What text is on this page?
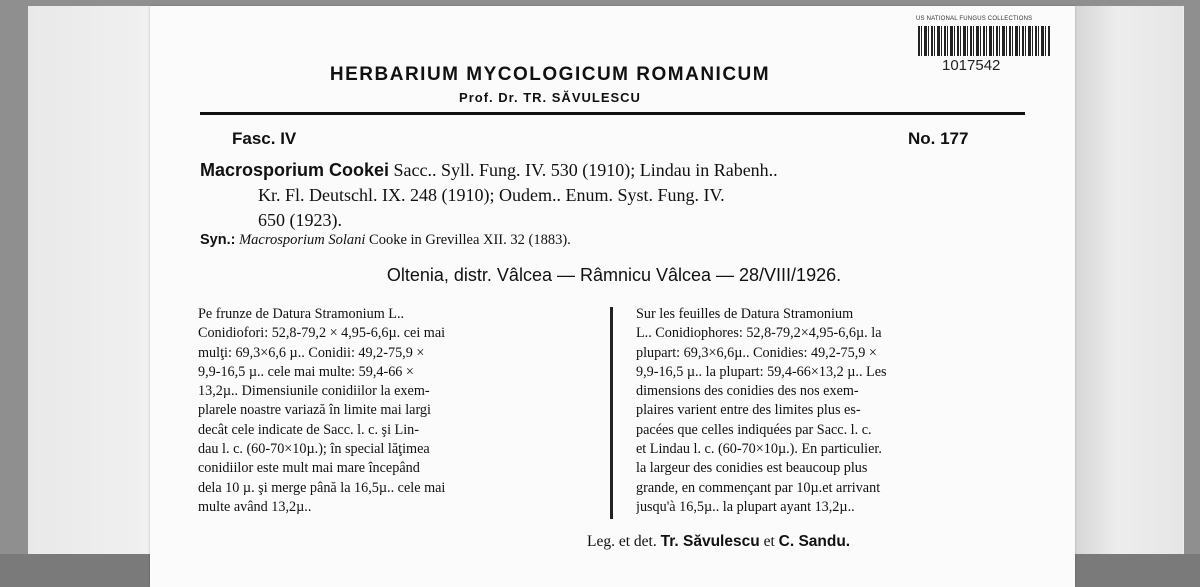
US NATIONAL FUNGUS COLLECTIONS
1017542
HERBARIUM MYCOLOGICUM ROMANICUM
Prof. Dr. TR. SĂVULESCU
Fasc. IV	No. 177
Macrosporium Cookei Sacc.. Syll. Fung. IV. 530 (1910); Lindau in Rabenh..
Kr. Fl. Deutschl. IX. 248 (1910); Oudem.. Enum. Syst. Fung. IV.
650 (1923).
Syn.: Macrosporium Solani Cooke in Grevillea XII. 32 (1883).
Oltenia, distr. Vâlcea — Râmnicu Vâlcea — 28/VIII/1926.
Pe frunze de Datura Stramonium L..
Conidiofori: 52,8-79,2 × 4,95-6,6µ. cei mai
mulţi: 69,3×6,6 µ.. Conidii: 49,2-75,9 ×
9,9-16,5 µ.. cele mai multe: 59,4-66 ×
13,2µ.. Dimensiunile conidiilor la exem-
plarele noastre variază în limite mai largi
decât cele indicate de Sacc. l. c. şi Lin-
dau l. c. (60-70×10µ.); în special lăţimea
conidiilor este mult mai mare începând
dela 10 µ. şi merge până la 16,5µ.. cele mai
multe având 13,2µ..
Sur les feuilles de Datura Stramonium
L.. Conidiophores: 52,8-79,2×4,95-6,6µ. la
plupart: 69,3×6,6µ.. Conidies: 49,2-75,9 ×
9,9-16,5 µ.. la plupart: 59,4-66×13,2 µ.. Les
dimensions des conidies des nos exem-
plaires varient entre des limites plus es-
pacées que celles indiquées par Sacc. l. c.
et Lindau l. c. (60-70×10µ.). En particulier.
la largeur des conidies est beaucoup plus
grande, en commençant par 10µ.et arrivant
jusqu'à 16,5µ.. la plupart ayant 13,2µ..
Leg. et det. Tr. Săvulescu et C. Sandu.
